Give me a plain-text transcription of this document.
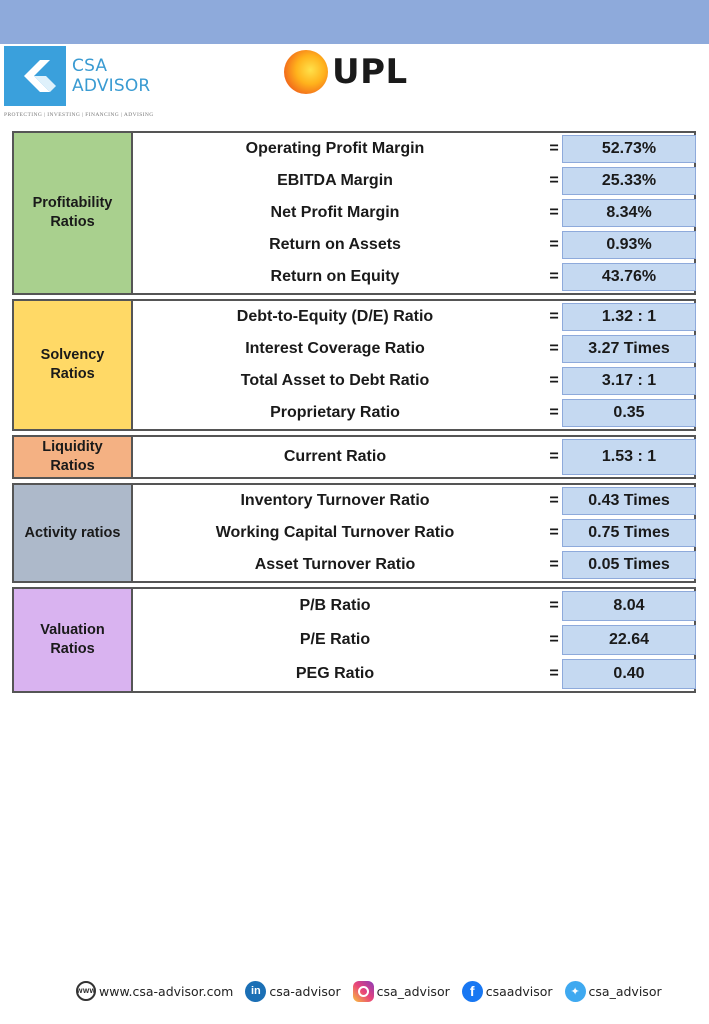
CSA
ADVISOR
PROTECTING | INVESTING | FINANCING | ADVISING
UPL
Profitability Ratios
Operating Profit Margin	=	52.73%
EBITDA Margin	=	25.33%
Net Profit Margin	=	8.34%
Return on Assets	=	0.93%
Return on Equity	=	43.76%
Solvency Ratios
Debt-to-Equity (D/E) Ratio	=	1.32 : 1
Interest Coverage Ratio	=	3.27 Times
Total Asset to Debt Ratio	=	3.17 : 1
Proprietary Ratio	=	0.35
Liquidity Ratios
Current Ratio	=	1.53 : 1
Activity ratios
Inventory Turnover Ratio	=	0.43 Times
Working Capital Turnover Ratio	=	0.75 Times
Asset Turnover Ratio	=	0.05 Times
Valuation Ratios
P/B Ratio	=	8.04
P/E Ratio	=	22.64
PEG Ratio	=	0.40
WWW www.csa-advisor.com	in csa-advisor	csa_advisor	f csaadvisor	✦ csa_advisor
